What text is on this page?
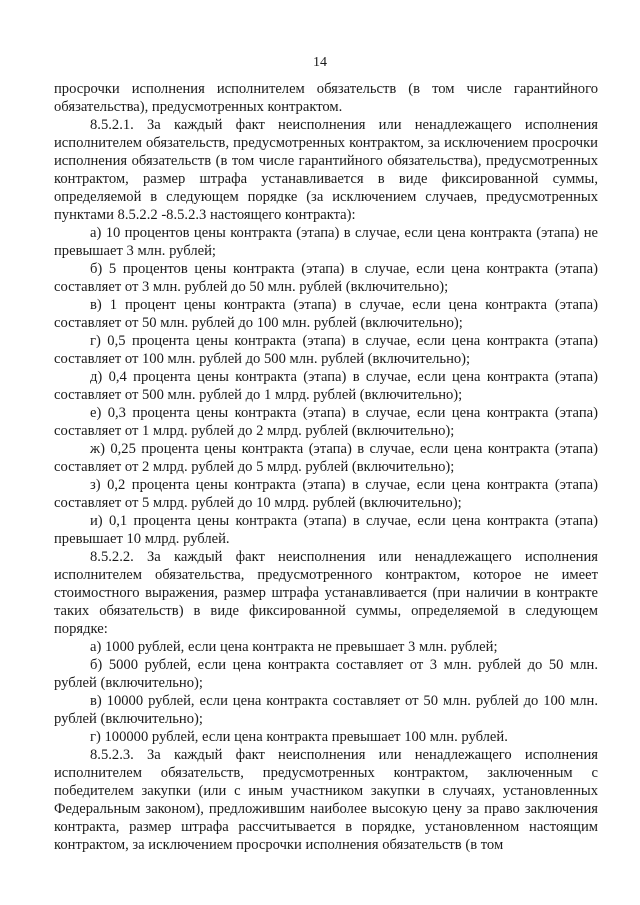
14

просрочки исполнения исполнителем обязательств (в том числе гарантийного обязательства), предусмотренных контрактом.

8.5.2.1. За каждый факт неисполнения или ненадлежащего исполнения исполнителем обязательств, предусмотренных контрактом, за исключением просрочки исполнения обязательств (в том числе гарантийного обязательства), предусмотренных контрактом, размер штрафа устанавливается в виде фиксированной суммы, определяемой в следующем порядке (за исключением случаев, предусмотренных пунктами 8.5.2.2 -8.5.2.3 настоящего контракта):

а) 10 процентов цены контракта (этапа) в случае, если цена контракта (этапа) не превышает 3 млн. рублей;

б) 5 процентов цены контракта (этапа) в случае, если цена контракта (этапа) составляет от 3 млн. рублей до 50 млн. рублей (включительно);

в) 1 процент цены контракта (этапа) в случае, если цена контракта (этапа) составляет от 50 млн. рублей до 100 млн. рублей (включительно);

г) 0,5 процента цены контракта (этапа) в случае, если цена контракта (этапа) составляет от 100 млн. рублей до 500 млн. рублей (включительно);

д) 0,4 процента цены контракта (этапа) в случае, если цена контракта (этапа) составляет от 500 млн. рублей до 1 млрд. рублей (включительно);

е) 0,3 процента цены контракта (этапа) в случае, если цена контракта (этапа) составляет от 1 млрд. рублей до 2 млрд. рублей (включительно);

ж) 0,25 процента цены контракта (этапа) в случае, если цена контракта (этапа) составляет от 2 млрд. рублей до 5 млрд. рублей (включительно);

з) 0,2 процента цены контракта (этапа) в случае, если цена контракта (этапа) составляет от 5 млрд. рублей до 10 млрд. рублей (включительно);

и) 0,1 процента цены контракта (этапа) в случае, если цена контракта (этапа) превышает 10 млрд. рублей.

8.5.2.2. За каждый факт неисполнения или ненадлежащего исполнения исполнителем обязательства, предусмотренного контрактом, которое не имеет стоимостного выражения, размер штрафа устанавливается (при наличии в контракте таких обязательств) в виде фиксированной суммы, определяемой в следующем порядке:

а) 1000 рублей, если цена контракта не превышает 3 млн. рублей;

б) 5000 рублей, если цена контракта составляет от 3 млн. рублей до 50 млн. рублей (включительно);

в) 10000 рублей, если цена контракта составляет от 50 млн. рублей до 100 млн. рублей (включительно);

г) 100000 рублей, если цена контракта превышает 100 млн. рублей.

8.5.2.3. За каждый факт неисполнения или ненадлежащего исполнения исполнителем обязательств, предусмотренных контрактом, заключенным с победителем закупки (или с иным участником закупки в случаях, установленных Федеральным законом), предложившим наиболее высокую цену за право заключения контракта, размер штрафа рассчитывается в порядке, установленном настоящим контрактом, за исключением просрочки исполнения обязательств (в том
